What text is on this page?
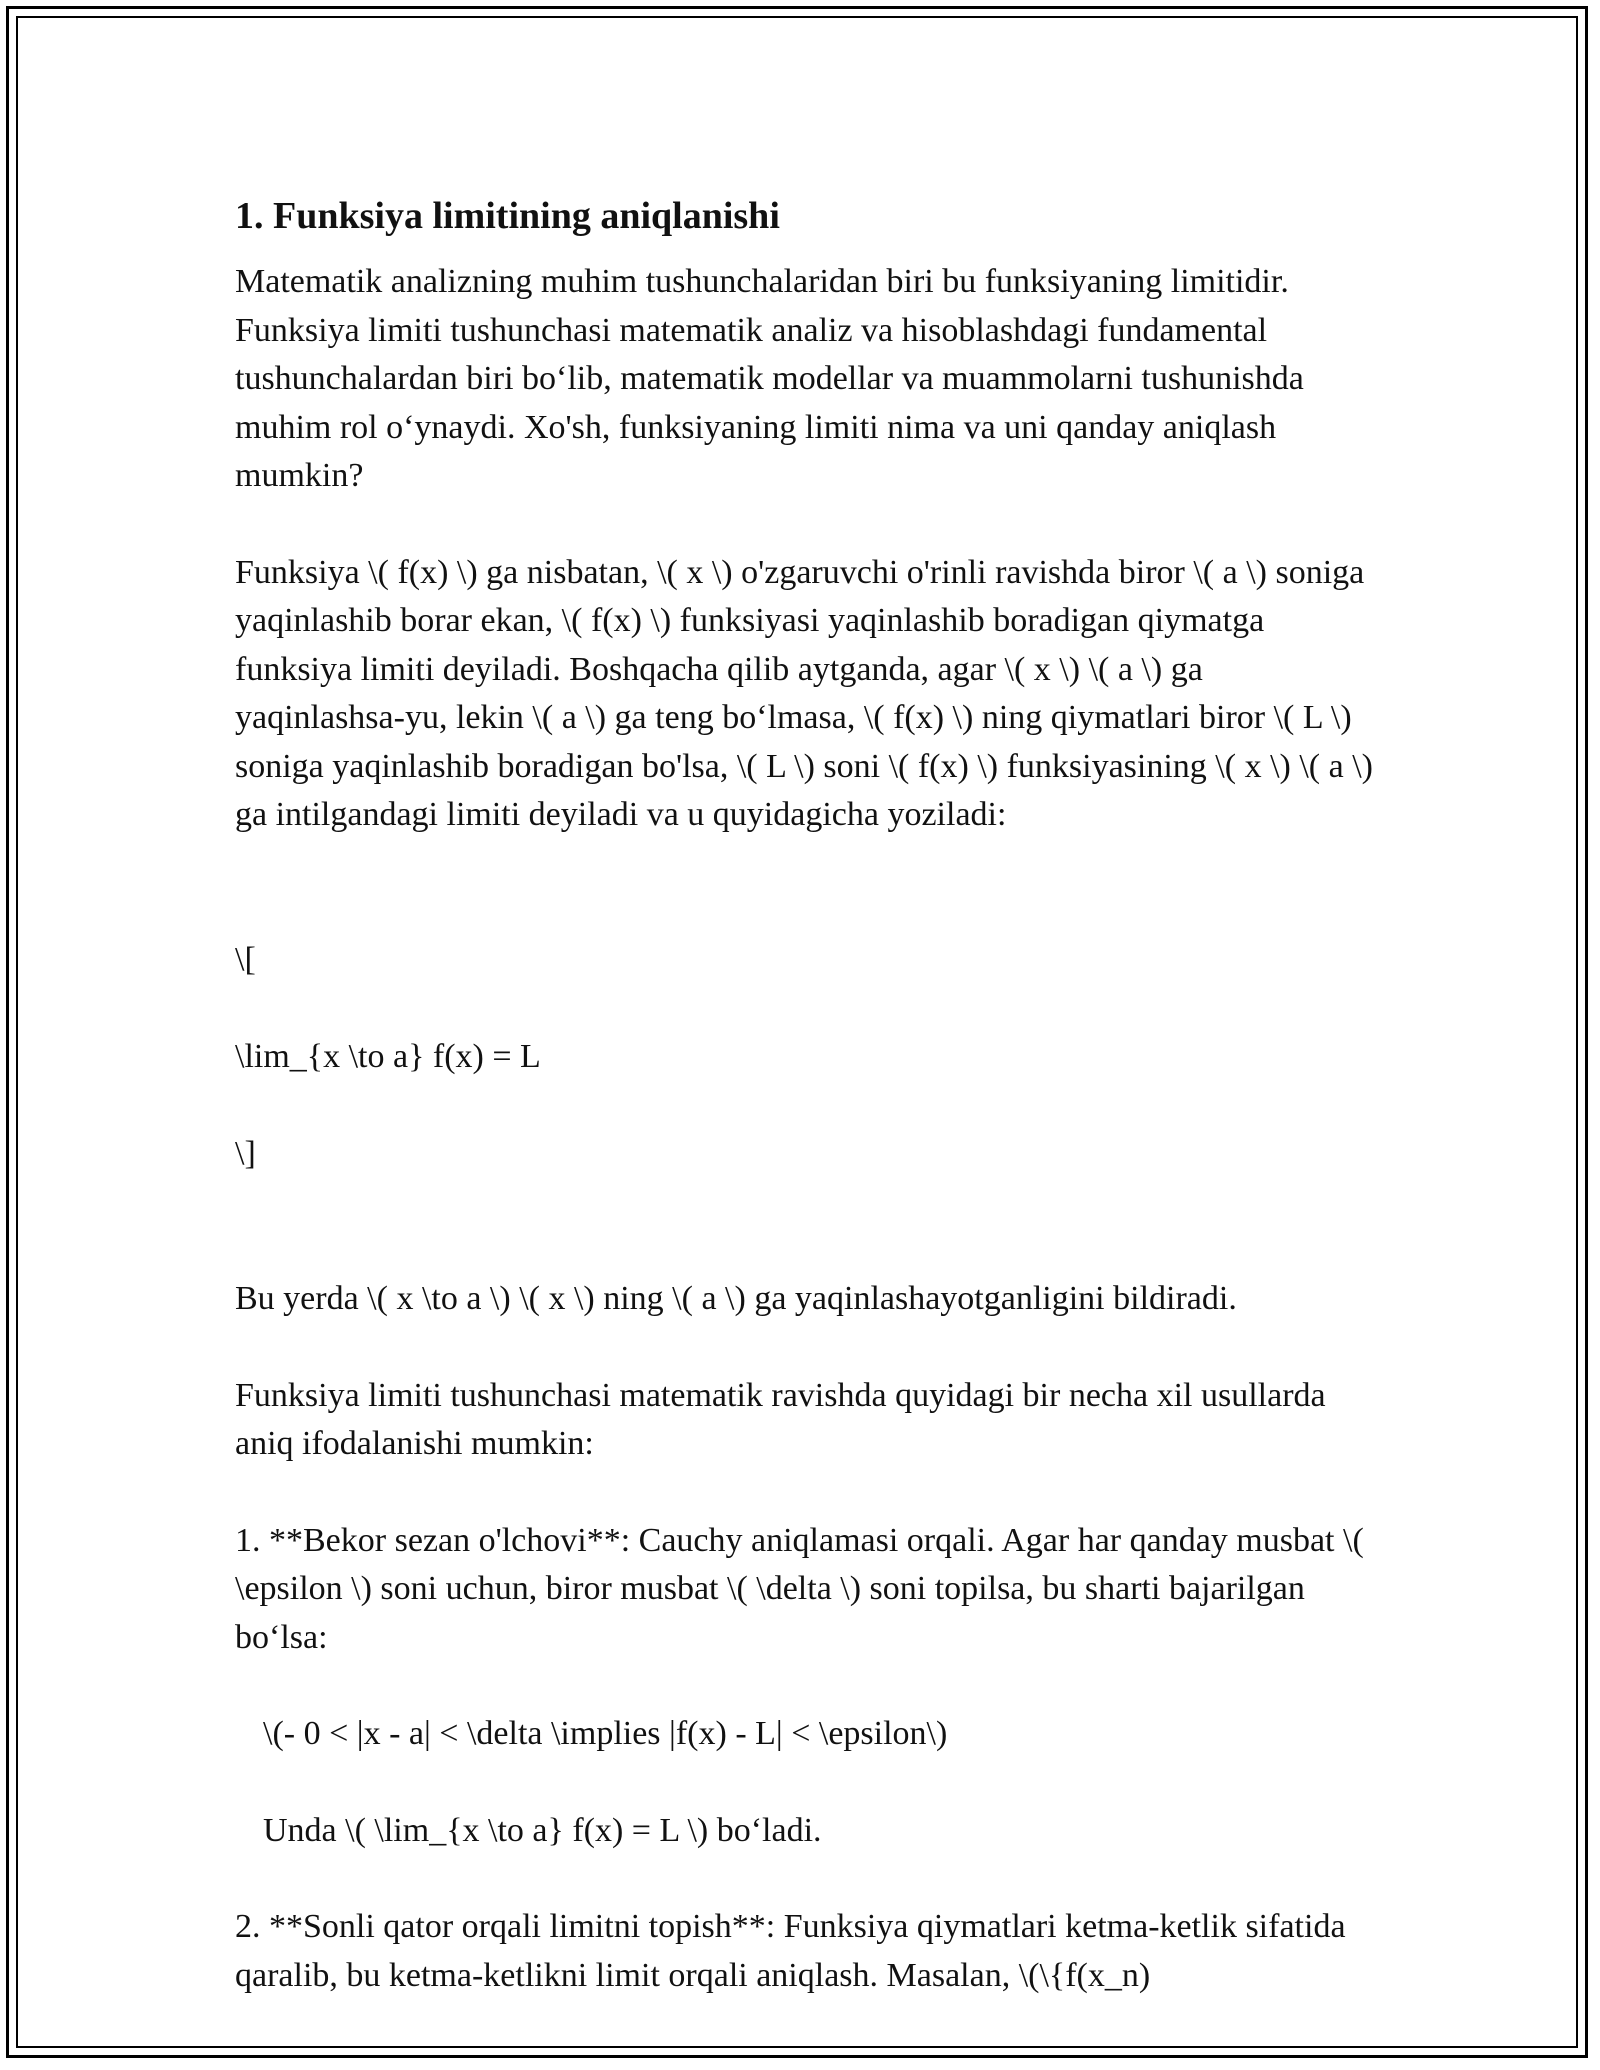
1. Funksiya limitining aniqlanishi

Matematik analizning muhim tushunchalaridan biri bu funksiyaning limitidir. Funksiya limiti tushunchasi matematik analiz va hisoblashdagi fundamental tushunchalardan biri bo‘lib, matematik modellar va muammolarni tushunishda muhim rol o‘ynaydi. Xo'sh, funksiyaning limiti nima va uni qanday aniqlash mumkin?

Funksiya \( f(x) \) ga nisbatan, \( x \) o'zgaruvchi o'rinli ravishda biror \( a \) soniga yaqinlashib borar ekan, \( f(x) \) funksiyasi yaqinlashib boradigan qiymatga funksiya limiti deyiladi. Boshqacha qilib aytganda, agar \( x \) \( a \) ga yaqinlashsa-yu, lekin \( a \) ga teng bo‘lmasa, \( f(x) \) ning qiymatlari biror \( L \) soniga yaqinlashib boradigan bo'lsa, \( L \) soni \( f(x) \) funksiyasining \( x \) \( a \) ga intilgandagi limiti deyiladi va u quyidagicha yoziladi:

\[

\lim_{x \to a} f(x) = L

\]

Bu yerda \( x \to a \) \( x \) ning \( a \) ga yaqinlashayotganligini bildiradi.

Funksiya limiti tushunchasi matematik ravishda quyidagi bir necha xil usullarda aniq ifodalanishi mumkin:

1. **Bekor sezan o'lchovi**: Cauchy aniqlamasi orqali. Agar har qanday musbat \( \epsilon \) soni uchun, biror musbat \( \delta \) soni topilsa, bu sharti bajarilgan bo‘lsa:

\(- 0 < |x - a| < \delta \implies |f(x) - L| < \epsilon\)
Unda \( \lim_{x \to a} f(x) = L \) bo‘ladi.

2. **Sonli qator orqali limitni topish**: Funksiya qiymatlari ketma-ketlik sifatida qaralib, bu ketma-ketlikni limit orqali aniqlash. Masalan, \(\{f(x_n)
